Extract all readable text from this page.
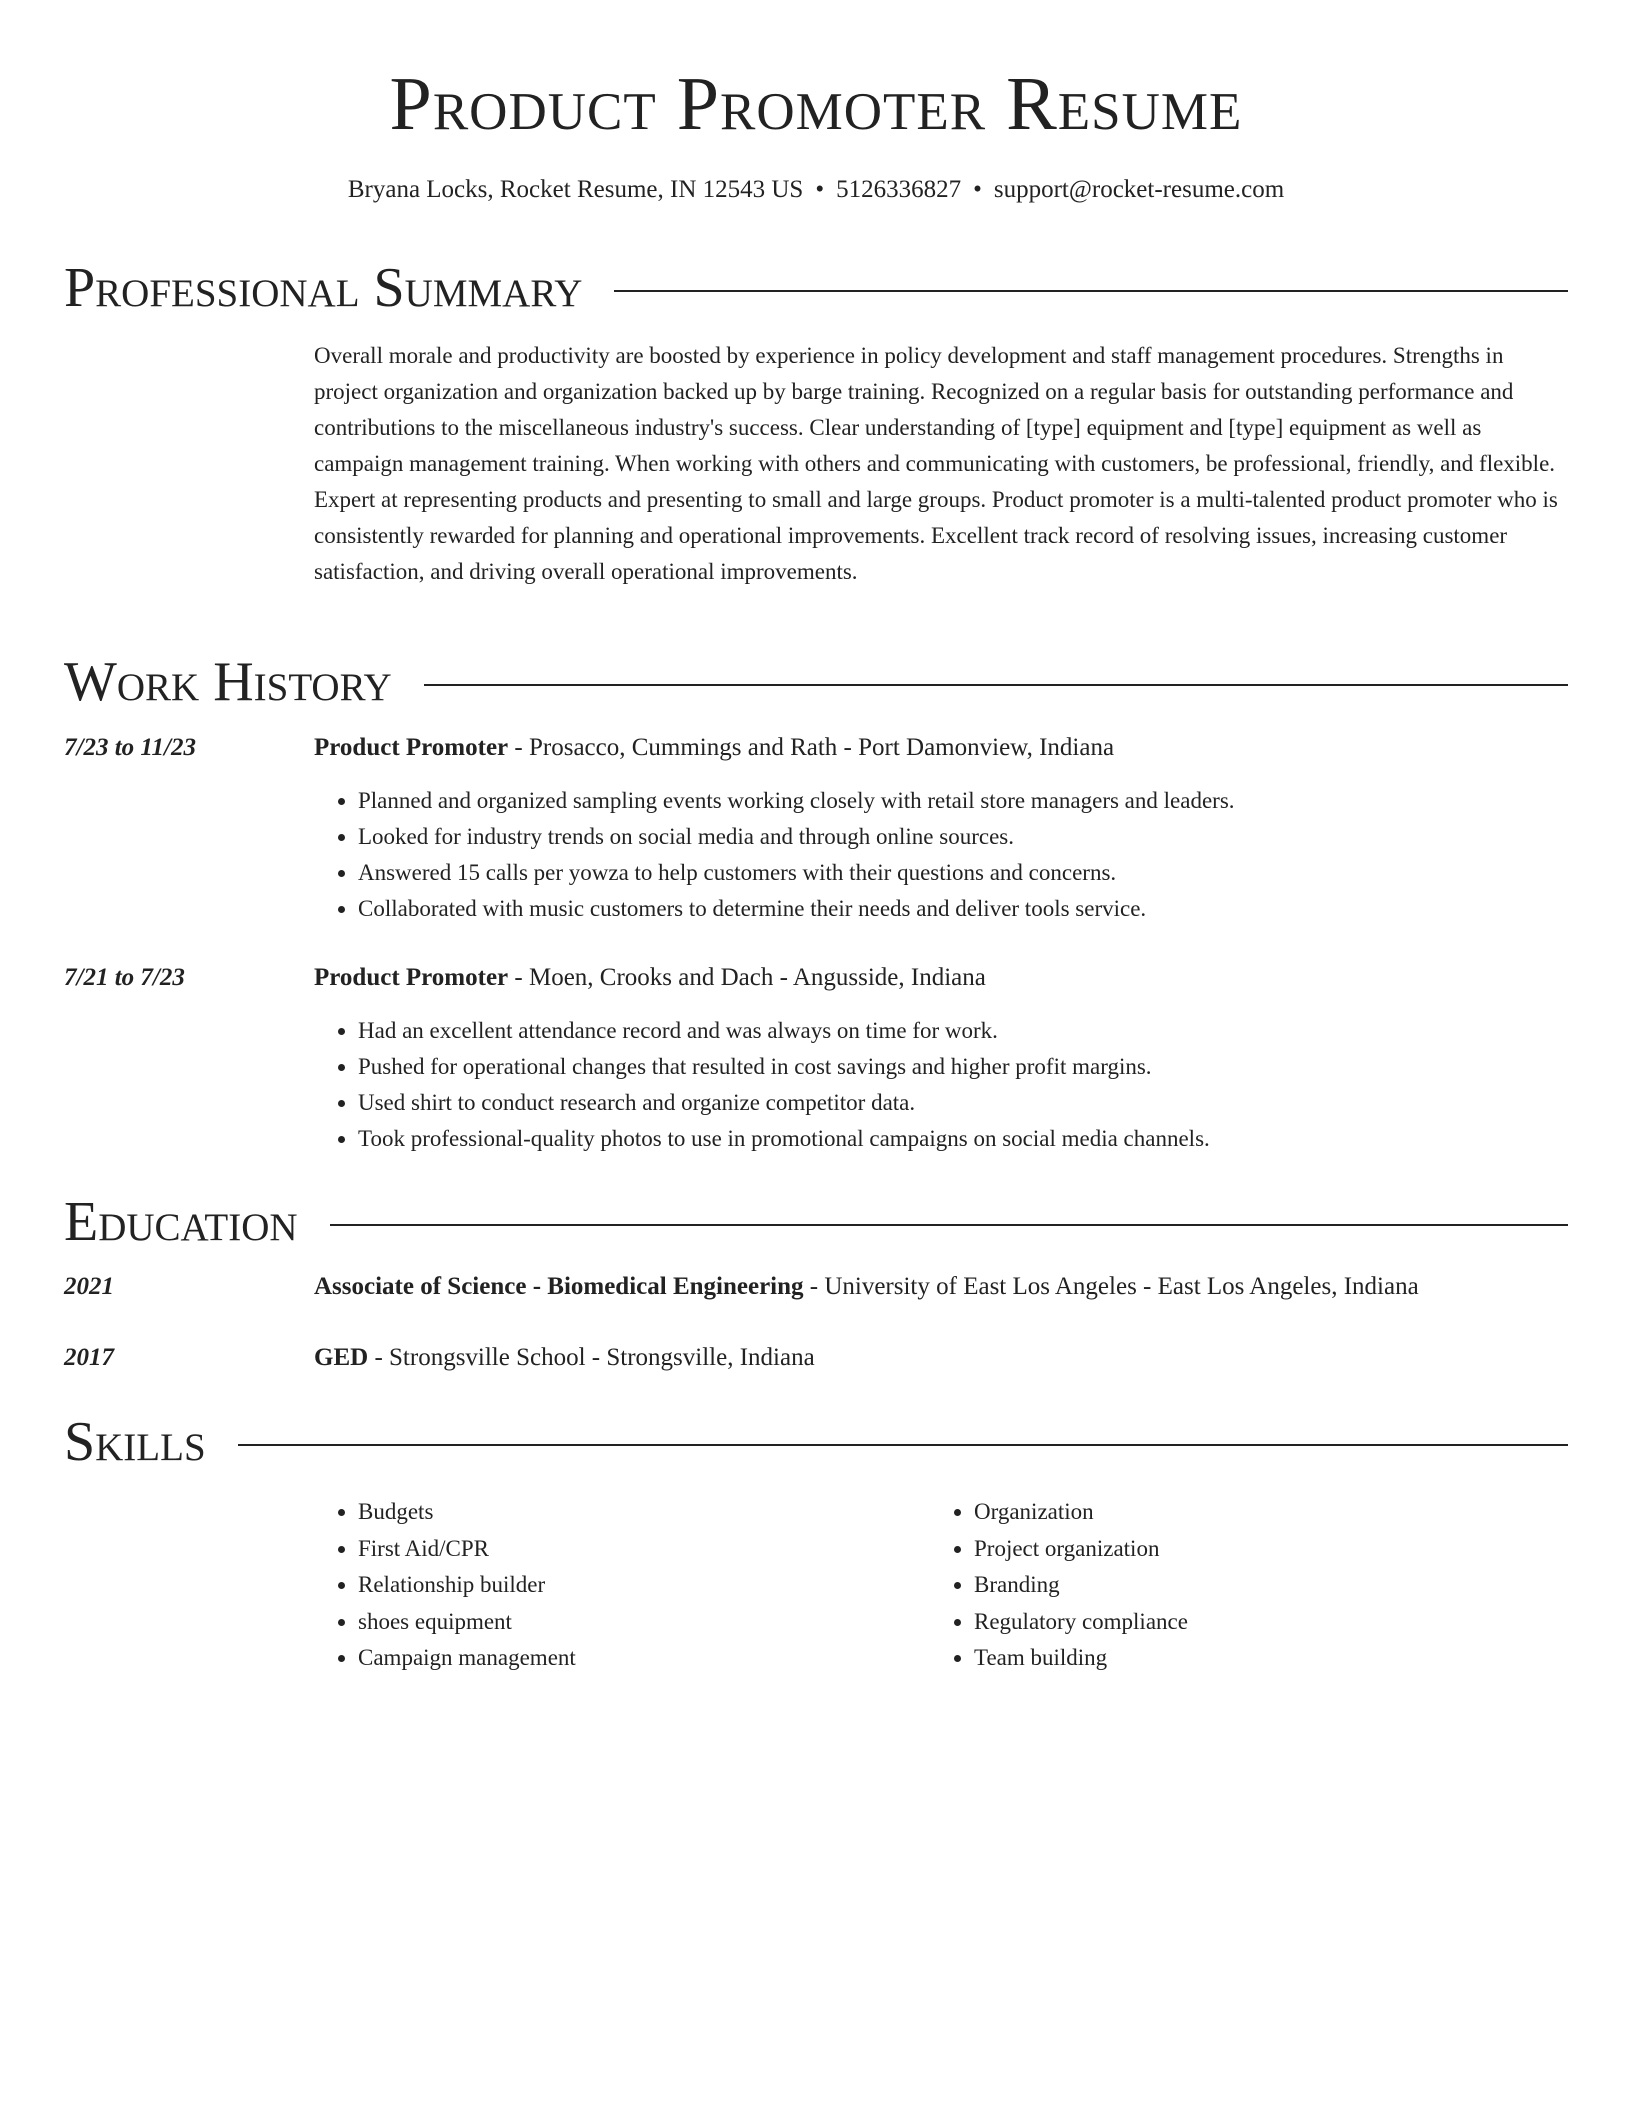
Product Promoter Resume
Bryana Locks, Rocket Resume, IN 12543 US • 5126336827 • support@rocket-resume.com
Professional Summary
Overall morale and productivity are boosted by experience in policy development and staff management procedures. Strengths in project organization and organization backed up by barge training. Recognized on a regular basis for outstanding performance and contributions to the miscellaneous industry's success. Clear understanding of [type] equipment and [type] equipment as well as campaign management training. When working with others and communicating with customers, be professional, friendly, and flexible. Expert at representing products and presenting to small and large groups. Product promoter is a multi-talented product promoter who is consistently rewarded for planning and operational improvements. Excellent track record of resolving issues, increasing customer satisfaction, and driving overall operational improvements.
Work History
7/23 to 11/23	Product Promoter - Prosacco, Cummings and Rath - Port Damonview, Indiana
• Planned and organized sampling events working closely with retail store managers and leaders.
• Looked for industry trends on social media and through online sources.
• Answered 15 calls per yowza to help customers with their questions and concerns.
• Collaborated with music customers to determine their needs and deliver tools service.
7/21 to 7/23	Product Promoter - Moen, Crooks and Dach - Angusside, Indiana
• Had an excellent attendance record and was always on time for work.
• Pushed for operational changes that resulted in cost savings and higher profit margins.
• Used shirt to conduct research and organize competitor data.
• Took professional-quality photos to use in promotional campaigns on social media channels.
Education
2021	Associate of Science - Biomedical Engineering - University of East Los Angeles - East Los Angeles, Indiana
2017	GED - Strongsville School - Strongsville, Indiana
Skills
• Budgets
• First Aid/CPR
• Relationship builder
• shoes equipment
• Campaign management
• Organization
• Project organization
• Branding
• Regulatory compliance
• Team building
